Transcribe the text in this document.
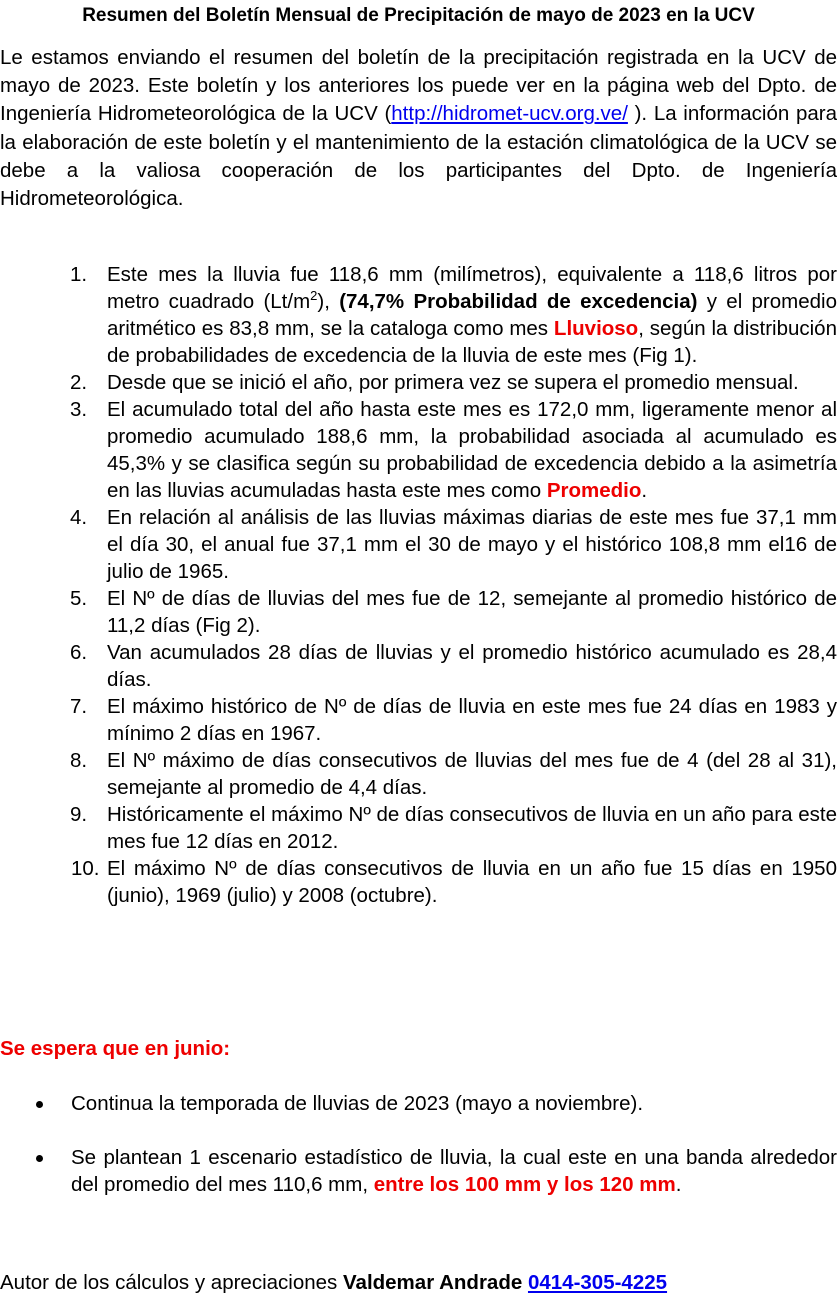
Resumen del Boletín Mensual de Precipitación de mayo de 2023 en la UCV
Le estamos enviando el resumen del boletín de la precipitación registrada en la UCV de mayo de 2023. Este boletín y los anteriores los puede ver en la página web del Dpto. de Ingeniería Hidrometeorológica de la UCV (http://hidromet-ucv.org.ve/ ). La información para la elaboración de este boletín y el mantenimiento de la estación climatológica de la UCV se debe a la valiosa cooperación de los participantes del Dpto. de Ingeniería Hidrometeorológica.
1. Este mes la lluvia fue 118,6 mm (milímetros), equivalente a 118,6 litros por metro cuadrado $(Lt/m^2)$, (74,7% Probabilidad de excedencia) y el promedio aritmético es 83,8 mm, se la cataloga como mes Lluvioso, según la distribución de probabilidades de excedencia de la lluvia de este mes (Fig 1).
2. Desde que se inició el año, por primera vez se supera el promedio mensual.
3. El acumulado total del año hasta este mes es 172,0 mm, ligeramente menor al promedio acumulado 188,6 mm, la probabilidad asociada al acumulado es 45,3% y se clasifica según su probabilidad de excedencia debido a la asimetría en las lluvias acumuladas hasta este mes como Promedio.
4. En relación al análisis de las lluvias máximas diarias de este mes fue 37,1 mm el día 30, el anual fue 37,1 mm el 30 de mayo y el histórico 108,8 mm el16 de julio de 1965.
5. El Nº de días de lluvias del mes fue de 12, semejante al promedio histórico de 11,2 días (Fig 2).
6. Van acumulados 28 días de lluvias y el promedio histórico acumulado es 28,4 días.
7. El máximo histórico de Nº de días de lluvia en este mes fue 24 días en 1983 y mínimo 2 días en 1967.
8. El Nº máximo de días consecutivos de lluvias del mes fue de 4 (del 28 al 31), semejante al promedio de 4,4 días.
9. Históricamente el máximo Nº de días consecutivos de lluvia en un año para este mes fue 12 días en 2012.
10. El máximo Nº de días consecutivos de lluvia en un año fue 15 días en 1950 (junio), 1969 (julio) y 2008 (octubre).
Se espera que en junio:
Continua la temporada de lluvias de 2023 (mayo a noviembre).
Se plantean 1 escenario estadístico de lluvia, la cual este en una banda alrededor del promedio del mes 110,6 mm, entre los 100 mm y los 120 mm.
Autor de los cálculos y apreciaciones Valdemar Andrade 0414-305-4225
